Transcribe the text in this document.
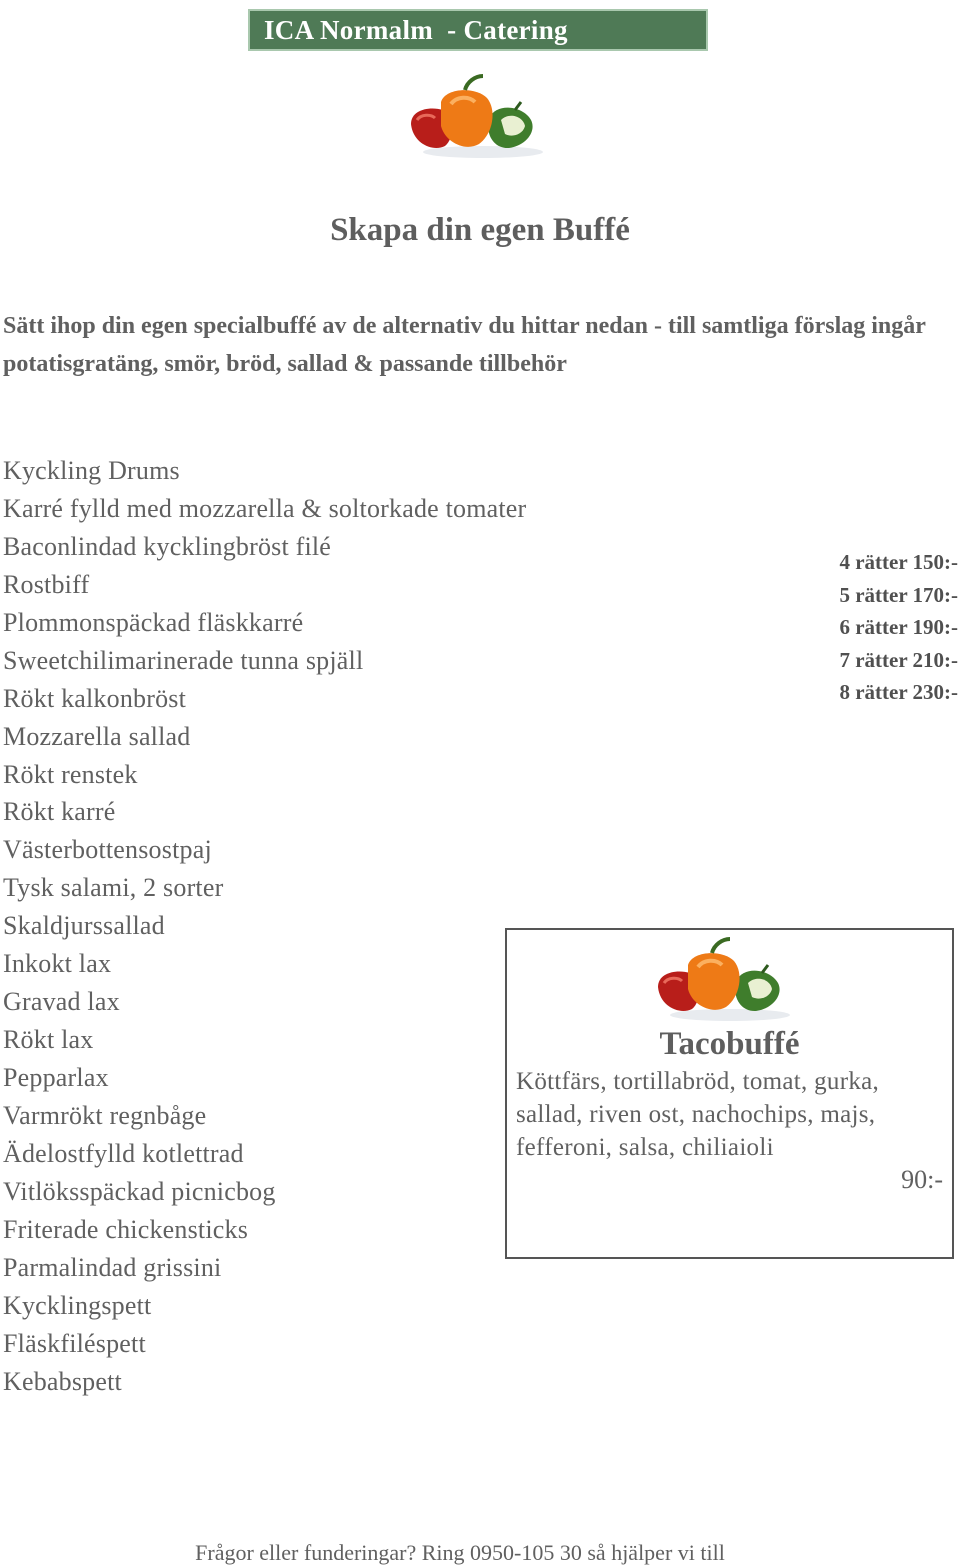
ICA Normalm  - Catering
Skapa din egen Buffé
Sätt ihop din egen specialbuffé av de alternativ du hittar nedan - till samtliga förslag ingår potatisgratäng, smör, bröd, sallad & passande tillbehör
Kyckling Drums
Karré fylld med mozzarella & soltorkade tomater
Baconlindad kycklingbröst filé
Rostbiff
Plommonspäckad fläskkarré
Sweetchilimarinerade tunna spjäll
Rökt kalkonbröst
Mozzarella sallad
Rökt renstek
Rökt karré
Västerbottensostpaj
Tysk salami, 2 sorter
Skaldjurssallad
Inkokt lax
Gravad lax
Rökt lax
Pepparlax
Varmrökt regnbåge
Ädelostfylld kotlettrad
Vitlöksspäckad picnicbog
Friterade chickensticks
Parmalindad grissini
Kycklingspett
Fläskfiléspett
Kebabspett
4 rätter 150:-
5 rätter 170:-
6 rätter 190:-
7 rätter 210:-
8 rätter 230:-
Tacobuffé
Köttfärs, tortillabröd, tomat, gurka, sallad, riven ost, nachochips, majs, fefferoni, salsa, chiliaioli
90:-
Frågor eller funderingar? Ring 0950-105 30 så hjälper vi till
